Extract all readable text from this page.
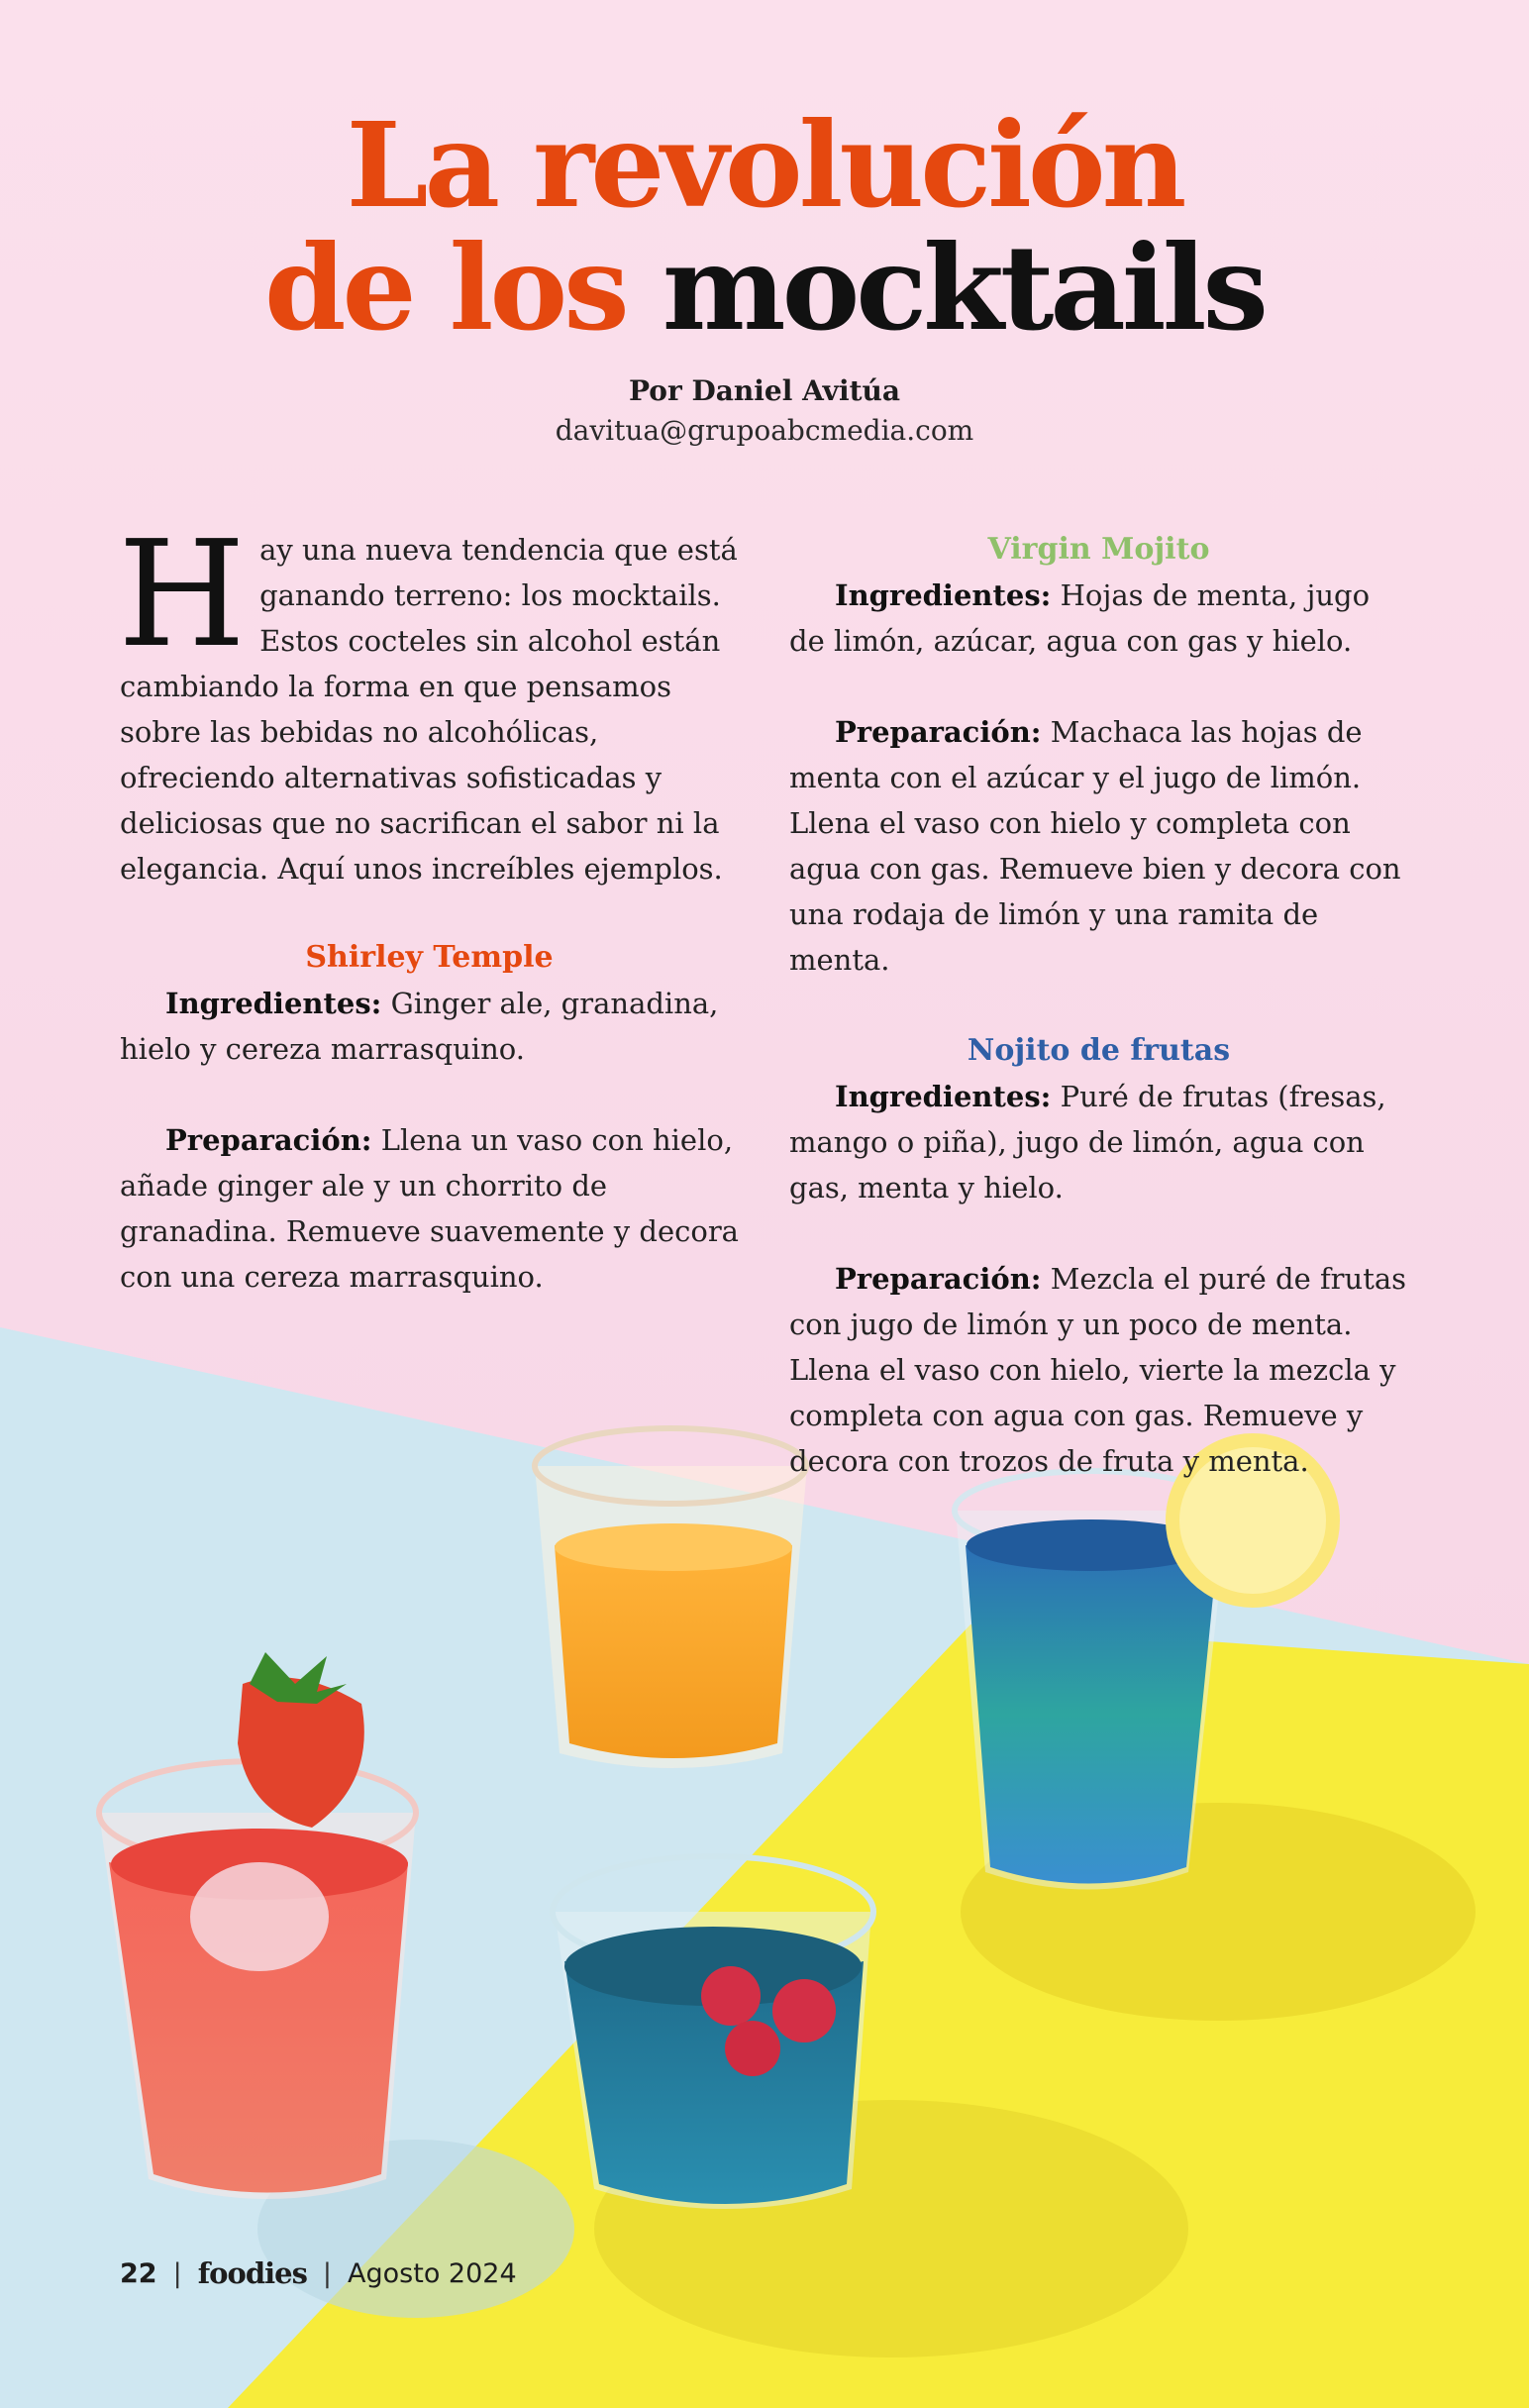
La revolución
de los mocktails
Por Daniel Avitúa
davitua@grupoabcmedia.com

Hay una nueva tendencia que está ganando terreno: los mocktails. Estos cocteles sin alcohol están cambiando la forma en que pensamos sobre las bebidas no alcohólicas, ofreciendo alternativas sofisticadas y deliciosas que no sacrifican el sabor ni la elegancia. Aquí unos increíbles ejemplos.

Shirley Temple

Ingredientes: Ginger ale, granadina, hielo y cereza marrasquino.

Preparación: Llena un vaso con hielo, añade ginger ale y un chorrito de granadina. Remueve suavemente y decora con una cereza marrasquino.

Virgin Mojito

Ingredientes: Hojas de menta, jugo de limón, azúcar, agua con gas y hielo.

Preparación: Machaca las hojas de menta con el azúcar y el jugo de limón. Llena el vaso con hielo y completa con agua con gas. Remueve bien y decora con una rodaja de limón y una ramita de menta.

Nojito de frutas

Ingredientes: Puré de frutas (fresas, mango o piña), jugo de limón, agua con gas, menta y hielo.

Preparación: Mezcla el puré de frutas con jugo de limón y un poco de menta. Llena el vaso con hielo, vierte la mezcla y completa con agua con gas. Remueve y decora con trozos de fruta y menta.

22 | foodies | Agosto 2024
